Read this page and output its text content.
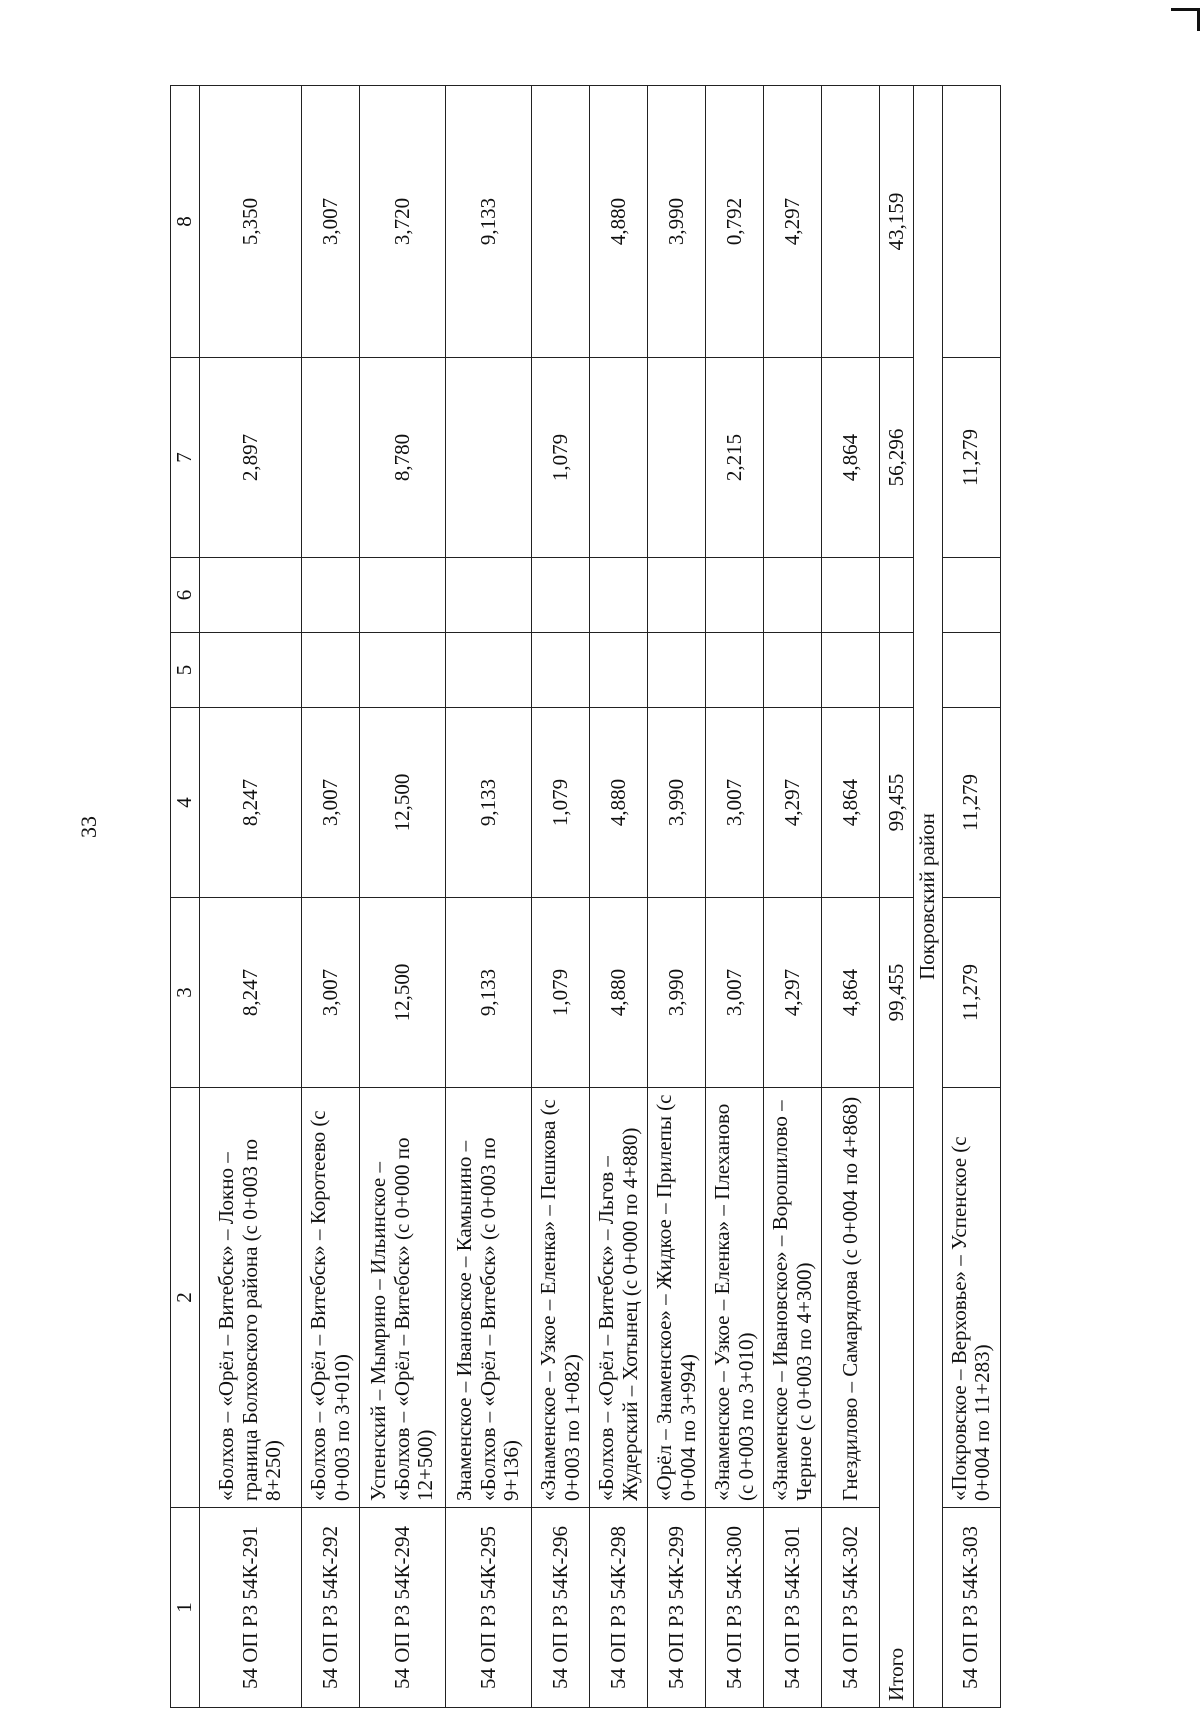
33
1	2	3	4	5	6	7	8
54 ОП РЗ 54К-291	«Болхов – «Орёл – Витебск» – Локно – граница Болховского района (с 0+003 по 8+250)	8,247	8,247			2,897	5,350
54 ОП РЗ 54К-292	«Болхов – «Орёл – Витебск» – Коротеево (с 0+003 по 3+010)	3,007	3,007				3,007
54 ОП РЗ 54К-294	Успенский – Мымрино – Ильинское – «Болхов – «Орёл – Витебск» (с 0+000 по 12+500)	12,500	12,500			8,780	3,720
54 ОП РЗ 54К-295	Знаменское – Ивановское – Камынино – «Болхов – «Орёл – Витебск» (с 0+003 по 9+136)	9,133	9,133				9,133
54 ОП РЗ 54К-296	«Знаменское – Узкое – Еленка» – Пешкова (с 0+003 по 1+082)	1,079	1,079			1,079	
54 ОП РЗ 54К-298	«Болхов – «Орёл – Витебск» – Льгов – Жудерский – Хотынец (с 0+000 по 4+880)	4,880	4,880				4,880
54 ОП РЗ 54К-299	«Орёл – Знаменское» – Жидкое – Прилепы (с 0+004 по 3+994)	3,990	3,990				3,990
54 ОП РЗ 54К-300	«Знаменское – Узкое – Еленка» – Плеханово (с 0+003 по 3+010)	3,007	3,007			2,215	0,792
54 ОП РЗ 54К-301	«Знаменское – Ивановское» – Ворошилово – Черное (с 0+003 по 4+300)	4,297	4,297				4,297
54 ОП РЗ 54К-302	Гнездилово – Самарядова (с 0+004 по 4+868)	4,864	4,864			4,864	
Итого		99,455	99,455			56,296	43,159
Покровский район							
54 ОП РЗ 54К-303	«Покровское – Верховье» – Успенское (с 0+004 по 11+283)	11,279	11,279			11,279	
